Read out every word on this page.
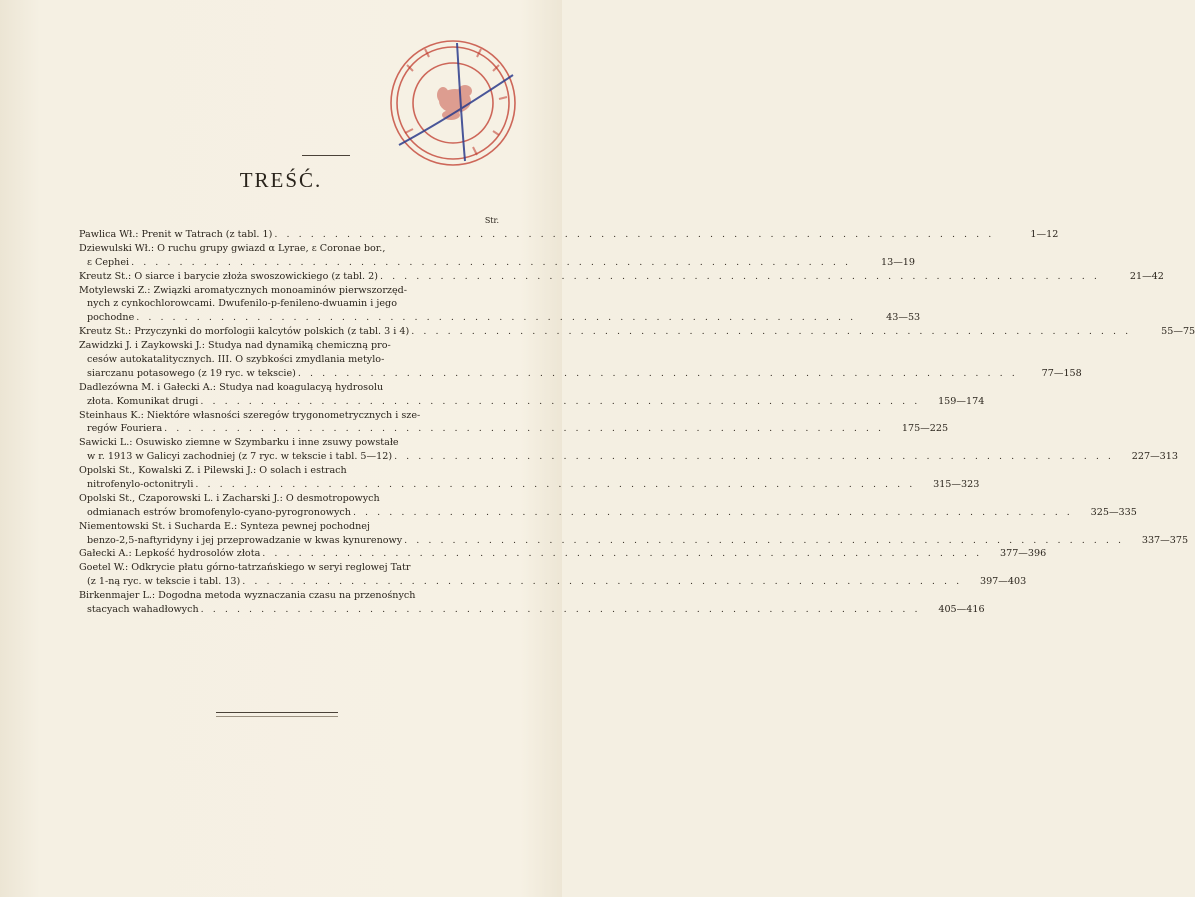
TREŚĆ.
Str.
Pawlica Wł.: Prenit w Tatrach (z tabl. 1) . . . . . . . . . . . . . . . . . . . . . . . . . . . . . . . . . . . . . . . . . . . . . . . . . . . . . . . . . . . .	1—12
Dziewulski Wł.: O ruchu grupy gwiazd α Lyrae, ε Coronae bor.,
ε Cephei . . . . . . . . . . . . . . . . . . . . . . . . . . . . . . . . . . . . . . . . . . . . . . . . . . . . . . . . . . . .	13—19
Kreutz St.: O siarce i barycie złoża swoszowickiego (z tabl. 2) . . . . . . . . . . . . . . . . . . . . . . . . . . . . . . . . . . . . . . . . . . . . . . . . . . . . . . . . . . . .	21—42
Motylewski Z.: Związki aromatycznych monoaminów pierwszorzęd-
nych z cynkochlorowcami. Dwufenilo-p-fenileno-dwuamin i jego
pochodne . . . . . . . . . . . . . . . . . . . . . . . . . . . . . . . . . . . . . . . . . . . . . . . . . . . . . . . . . . . .	43—53
Kreutz St.: Przyczynki do morfologii kalcytów polskich (z tabl. 3 i 4) . . . . . . . . . . . . . . . . . . . . . . . . . . . . . . . . . . . . . . . . . . . . . . . . . . . . . . . . . . . .	55—75
Zawidzki J. i Zaykowski J.: Studya nad dynamiką chemiczną pro-
cesów autokatalitycznych. III. O szybkości zmydlania metylo-
siarczanu potasowego (z 19 ryc. w tekscie) . . . . . . . . . . . . . . . . . . . . . . . . . . . . . . . . . . . . . . . . . . . . . . . . . . . . . . . . . . . .	77—158
Dadlezówna M. i Gałecki A.: Studya nad koagulacyą hydrosolu
złota. Komunikat drugi . . . . . . . . . . . . . . . . . . . . . . . . . . . . . . . . . . . . . . . . . . . . . . . . . . . . . . . . . . . .	159—174
Steinhaus K.: Niektóre własności szeregów trygonometrycznych i sze-
regów Fouriera . . . . . . . . . . . . . . . . . . . . . . . . . . . . . . . . . . . . . . . . . . . . . . . . . . . . . . . . . . . .	175—225
Sawicki L.: Osuwisko ziemne w Szymbarku i inne zsuwy powstałe
w r. 1913 w Galicyi zachodniej (z 7 ryc. w tekscie i tabl. 5—12) . . . . . . . . . . . . . . . . . . . . . . . . . . . . . . . . . . . . . . . . . . . . . . . . . . . . . . . . . . . .	227—313
Opolski St., Kowalski Z. i Pilewski J.: O solach i estrach
nitrofenylo-octonitryli . . . . . . . . . . . . . . . . . . . . . . . . . . . . . . . . . . . . . . . . . . . . . . . . . . . . . . . . . . . .	315—323
Opolski St., Czaporowski L. i Zacharski J.: O desmotropowych
odmianach estrów bromofenylo-cyano-pyrogronowych . . . . . . . . . . . . . . . . . . . . . . . . . . . . . . . . . . . . . . . . . . . . . . . . . . . . . . . . . . . .	325—335
Niementowski St. i Sucharda E.: Synteza pewnej pochodnej
benzo-2,5-naftyridyny i jej przeprowadzanie w kwas kynurenowy . . . . . . . . . . . . . . . . . . . . . . . . . . . . . . . . . . . . . . . . . . . . . . . . . . . . . . . . . . . .	337—375
Gałecki A.: Lepkość hydrosolów złota . . . . . . . . . . . . . . . . . . . . . . . . . . . . . . . . . . . . . . . . . . . . . . . . . . . . . . . . . . . .	377—396
Goetel W.: Odkrycie płatu górno-tatrzańskiego w seryi reglowej Tatr
(z 1-ną ryc. w tekscie i tabl. 13) . . . . . . . . . . . . . . . . . . . . . . . . . . . . . . . . . . . . . . . . . . . . . . . . . . . . . . . . . . . .	397—403
Birkenmajer L.: Dogodna metoda wyznaczania czasu na przenośnych
stacyach wahadłowych . . . . . . . . . . . . . . . . . . . . . . . . . . . . . . . . . . . . . . . . . . . . . . . . . . . . . . . . . . . .	405—416
